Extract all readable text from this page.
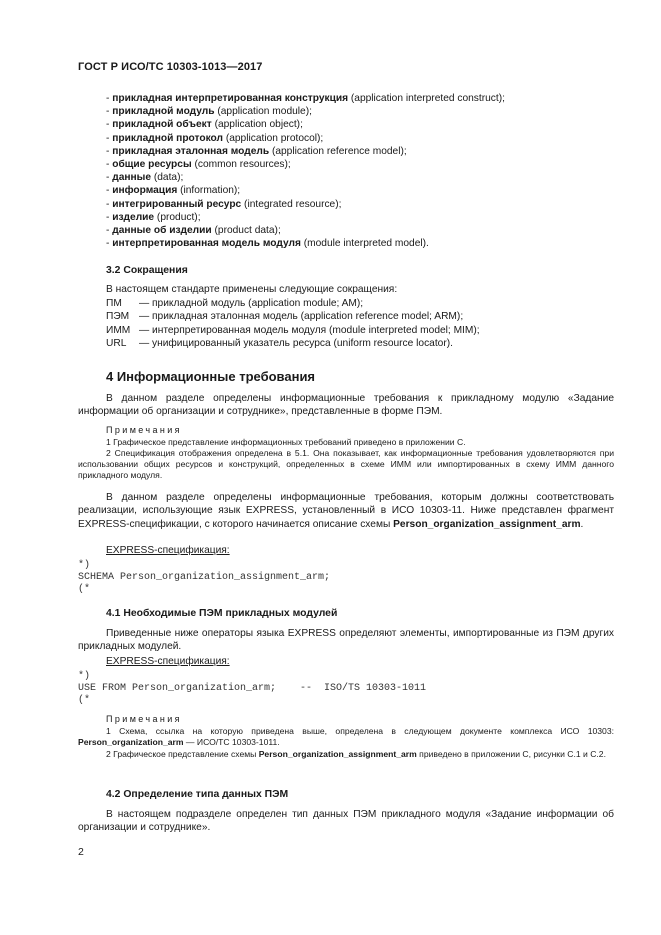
ГОСТ Р ИСО/ТС 10303-1013—2017
- прикладная интерпретированная конструкция (application interpreted construct);
- прикладной модуль (application module);
- прикладной объект (application object);
- прикладной протокол (application protocol);
- прикладная эталонная модель (application reference model);
- общие ресурсы (common resources);
- данные (data);
- информация (information);
- интегрированный ресурс (integrated resource);
- изделие (product);
- данные об изделии (product data);
- интерпретированная модель модуля (module interpreted model).
3.2 Сокращения
В настоящем стандарте применены следующие сокращения:
ПМ — прикладной модуль (application module; AM);
ПЭМ — прикладная эталонная модель (application reference model; ARM);
ИММ — интерпретированная модель модуля (module interpreted model; MIM);
URL — унифицированный указатель ресурса (uniform resource locator).
4 Информационные требования
В данном разделе определены информационные требования к прикладному модулю «Задание информации об организации и сотруднике», представленные в форме ПЭМ.
Примечания
1 Графическое представление информационных требований приведено в приложении С.
2 Спецификация отображения определена в 5.1. Она показывает, как информационные требования удовлетворяются при использовании общих ресурсов и конструкций, определенных в схеме ИММ или импортированных в схему ИММ данного прикладного модуля.
В данном разделе определены информационные требования, которым должны соответствовать реализации, использующие язык EXPRESS, установленный в ИСО 10303-11. Ниже представлен фрагмент EXPRESS-спецификации, с которого начинается описание схемы Person_organization_assignment_arm.
EXPRESS-спецификация:
*)
SCHEMA Person_organization_assignment_arm;
(*
4.1 Необходимые ПЭМ прикладных модулей
Приведенные ниже операторы языка EXPRESS определяют элементы, импортированные из ПЭМ других прикладных модулей.
EXPRESS-спецификация:
*)
USE FROM Person_organization_arm;    --  ISO/TS 10303-1011
(*
Примечания
1 Схема, ссылка на которую приведена выше, определена в следующем документе комплекса ИСО 10303: Person_organization_arm — ИСО/ТС 10303-1011.
2 Графическое представление схемы Person_organization_assignment_arm приведено в приложении С, рисунки С.1 и С.2.
4.2 Определение типа данных ПЭМ
В настоящем подразделе определен тип данных ПЭМ прикладного модуля «Задание информации об организации и сотруднике».
2
